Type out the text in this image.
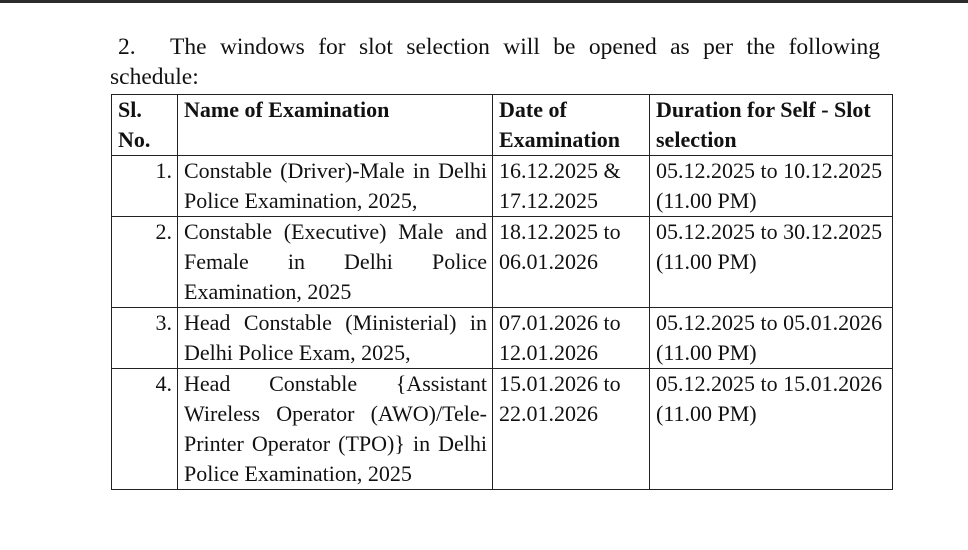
2. The windows for slot selection will be opened as per the following schedule:

Sl. No.	Name of Examination	Date of Examination	Duration for Self - Slot selection
1.	Constable (Driver)-Male in Delhi Police Examination, 2025,	16.12.2025 & 17.12.2025	05.12.2025 to 10.12.2025 (11.00 PM)
2.	Constable (Executive) Male and Female in Delhi Police Examination, 2025	18.12.2025 to 06.01.2026	05.12.2025 to 30.12.2025 (11.00 PM)
3.	Head Constable (Ministerial) in Delhi Police Exam, 2025,	07.01.2026 to 12.01.2026	05.12.2025 to 05.01.2026 (11.00 PM)
4.	Head Constable {Assistant Wireless Operator (AWO)/Tele-Printer Operator (TPO)} in Delhi Police Examination, 2025	15.01.2026 to 22.01.2026	05.12.2025 to 15.01.2026 (11.00 PM)
